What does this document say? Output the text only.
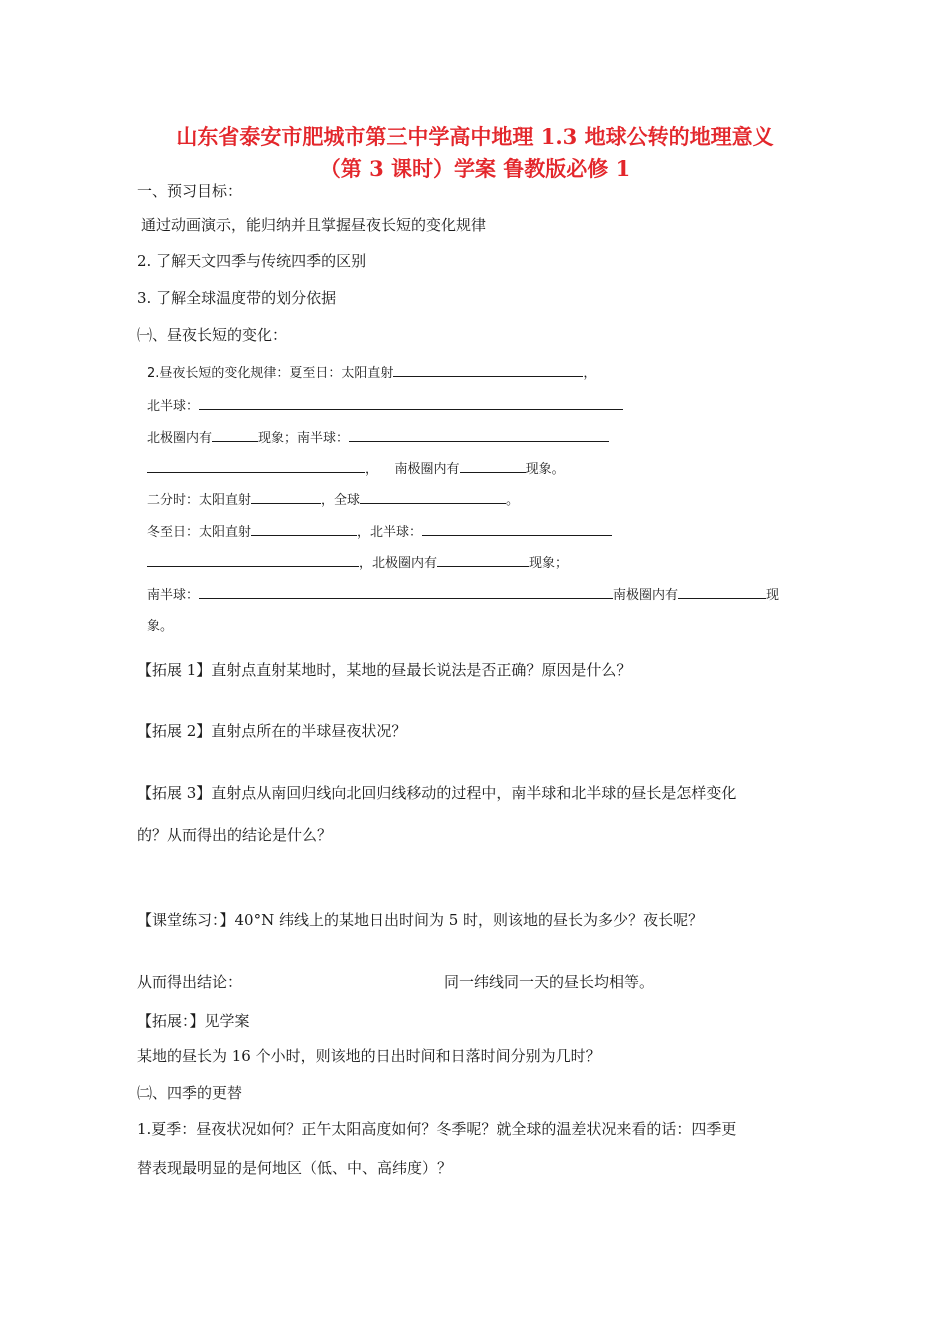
山东省泰安市肥城市第三中学高中地理 1.3 地球公转的地理意义
（第 3 课时）学案 鲁教版必修 1
一、预习目标：
通过动画演示，能归纳并且掌握昼夜长短的变化规律
2. 了解天文四季与传统四季的区别
3. 了解全球温度带的划分依据
㈠、昼夜长短的变化：
2.昼夜长短的变化规律：夏至日：太阳直射	，
北半球：
北极圈内有	现象；南半球：
， 南极圈内有	现象。
二分时：太阳直射	，全球	。
冬至日：太阳直射	，北半球：
，北极圈内有	现象；
南半球：	南极圈内有	现
象。
【拓展 1】直射点直射某地时，某地的昼最长说法是否正确？原因是什么？
【拓展 2】直射点所在的半球昼夜状况？
【拓展 3】直射点从南回归线向北回归线移动的过程中，南半球和北半球的昼长是怎样变化
的？从而得出的结论是什么？
【课堂练习：】40°N 纬线上的某地日出时间为 5 时，则该地的昼长为多少？夜长呢？
从而得出结论：	同一纬线同一天的昼长均相等。
【拓展：】见学案
某地的昼长为 16 个小时，则该地的日出时间和日落时间分别为几时？
㈡、四季的更替
1.夏季：昼夜状况如何？正午太阳高度如何？冬季呢？就全球的温差状况来看的话：四季更
替表现最明显的是何地区（低、中、高纬度）？
